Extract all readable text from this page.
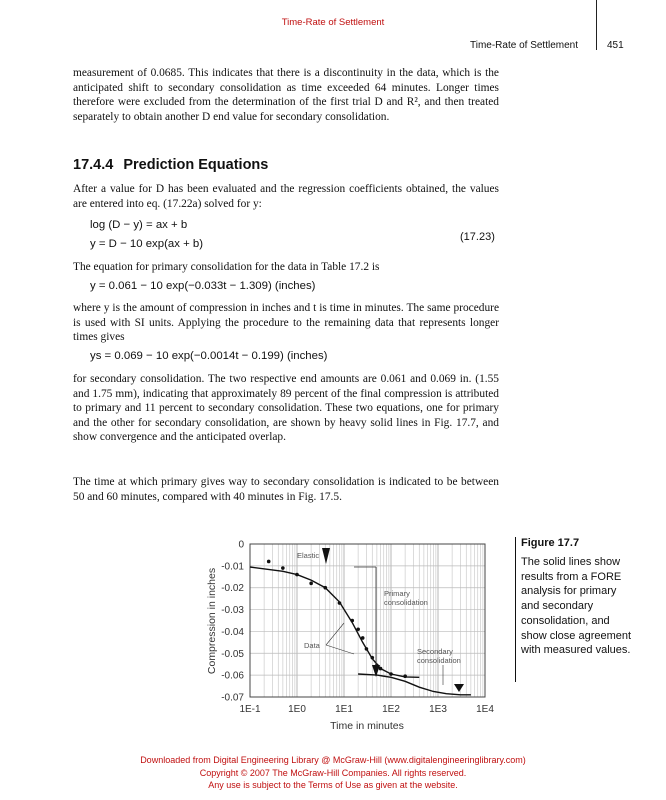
Time-Rate of Settlement
Time-Rate of Settlement	451
measurement of 0.0685. This indicates that there is a discontinuity in the data, which is the anticipated shift to secondary consolidation as time exceeded 64 minutes. Longer times therefore were excluded from the determination of the first trial D and R², and then treated separately to obtain another D end value for secondary consolidation.
17.4.4 Prediction Equations
After a value for D has been evaluated and the regression coefficients obtained, the values are entered into eq. (17.22a) solved for y:
log (D − y) = ax + b
y = D − 10 exp(ax + b)
(17.23)
The equation for primary consolidation for the data in Table 17.2 is
y = 0.061 − 10 exp(−0.033t − 1.309) (inches)
where y is the amount of compression in inches and t is time in minutes. The same procedure is used with SI units. Applying the procedure to the remaining data that represents longer times gives
ys = 0.069 − 10 exp(−0.0014t − 0.199) (inches)
for secondary consolidation. The two respective end amounts are 0.061 and 0.069 in. (1.55 and 1.75 mm), indicating that approximately 89 percent of the final compression is attributed to primary and 11 percent to secondary consolidation. These two equations, one for primary and the other for secondary consolidation, are shown by heavy solid lines in Fig. 17.7, and show convergence and the anticipated overlap.
The time at which primary gives way to secondary consolidation is indicated to be between 50 and 60 minutes, compared with 40 minutes in Fig. 17.5.
0
-0.01
-0.02
-0.03
-0.04
-0.05
-0.06
-0.07
1E-1	1E0	1E1	1E2	1E3	1E4
Time in minutes
Compression in inches
Elastic
Primary
consolidation
Data
Secondary
consolidation
Figure 17.7
The solid lines show results from a FORE analysis for primary and secondary consolidation, and show close agreement with measured values.
Downloaded from Digital Engineering Library @ McGraw-Hill (www.digitalengineeringlibrary.com)
Copyright © 2007 The McGraw-Hill Companies. All rights reserved.
Any use is subject to the Terms of Use as given at the website.
